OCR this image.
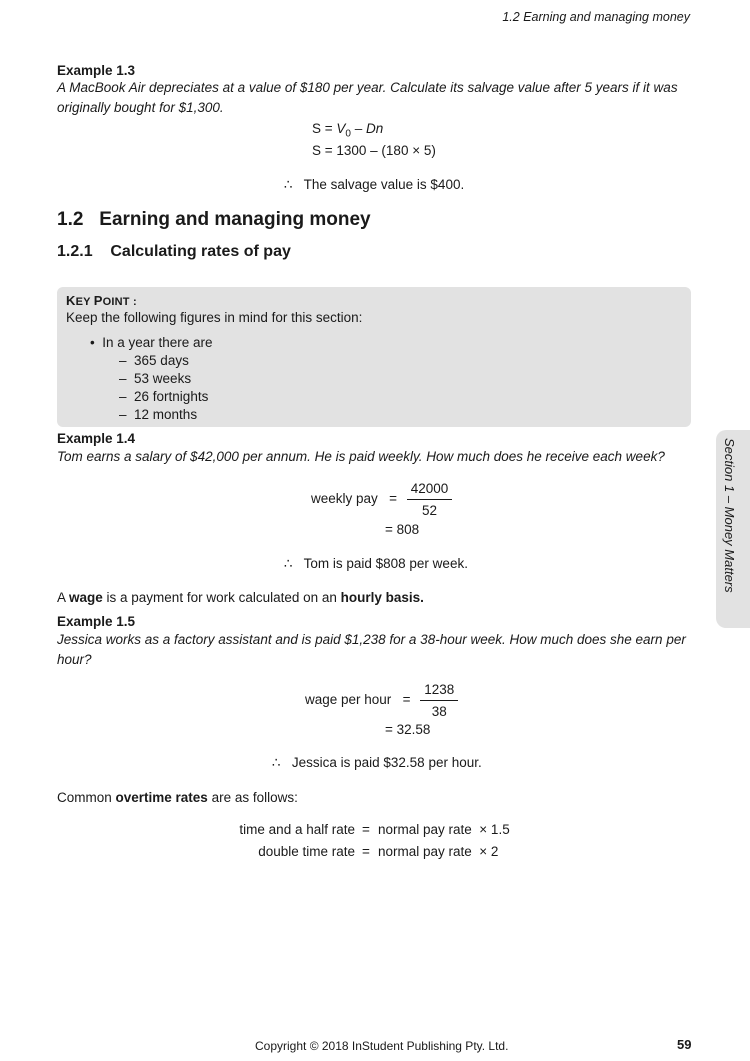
1.2 Earning and managing money
Example 1.3
A MacBook Air depreciates at a value of $180 per year. Calculate its salvage value after 5 years if it was originally bought for $1,300.
$S = V_0 - Dn$
S = 1300 – (180 × 5)
∴ The salvage value is $400.
1.2 Earning and managing money
1.2.1 Calculating rates of pay
KEY POINT :
Keep the following figures in mind for this section:
• In a year there are
– 365 days
– 53 weeks
– 26 fortnights
– 12 months
Example 1.4
Tom earns a salary of $42,000 per annum. He is paid weekly. How much does he receive each week?
weekly pay = $\frac{42000}{52}$
= 808
∴ Tom is paid $808 per week.
A wage is a payment for work calculated on an hourly basis.
Example 1.5
Jessica works as a factory assistant and is paid $1,238 for a 38-hour week. How much does she earn per hour?
wage per hour = $\frac{1238}{38}$
= 32.58
∴ Jessica is paid $32.58 per hour.
Common overtime rates are as follows:
time and a half rate = normal pay rate  × 1.5
double time rate = normal pay rate  × 2
Section 1 – Money Matters
Copyright © 2018 InStudent Publishing Pty. Ltd.	59
